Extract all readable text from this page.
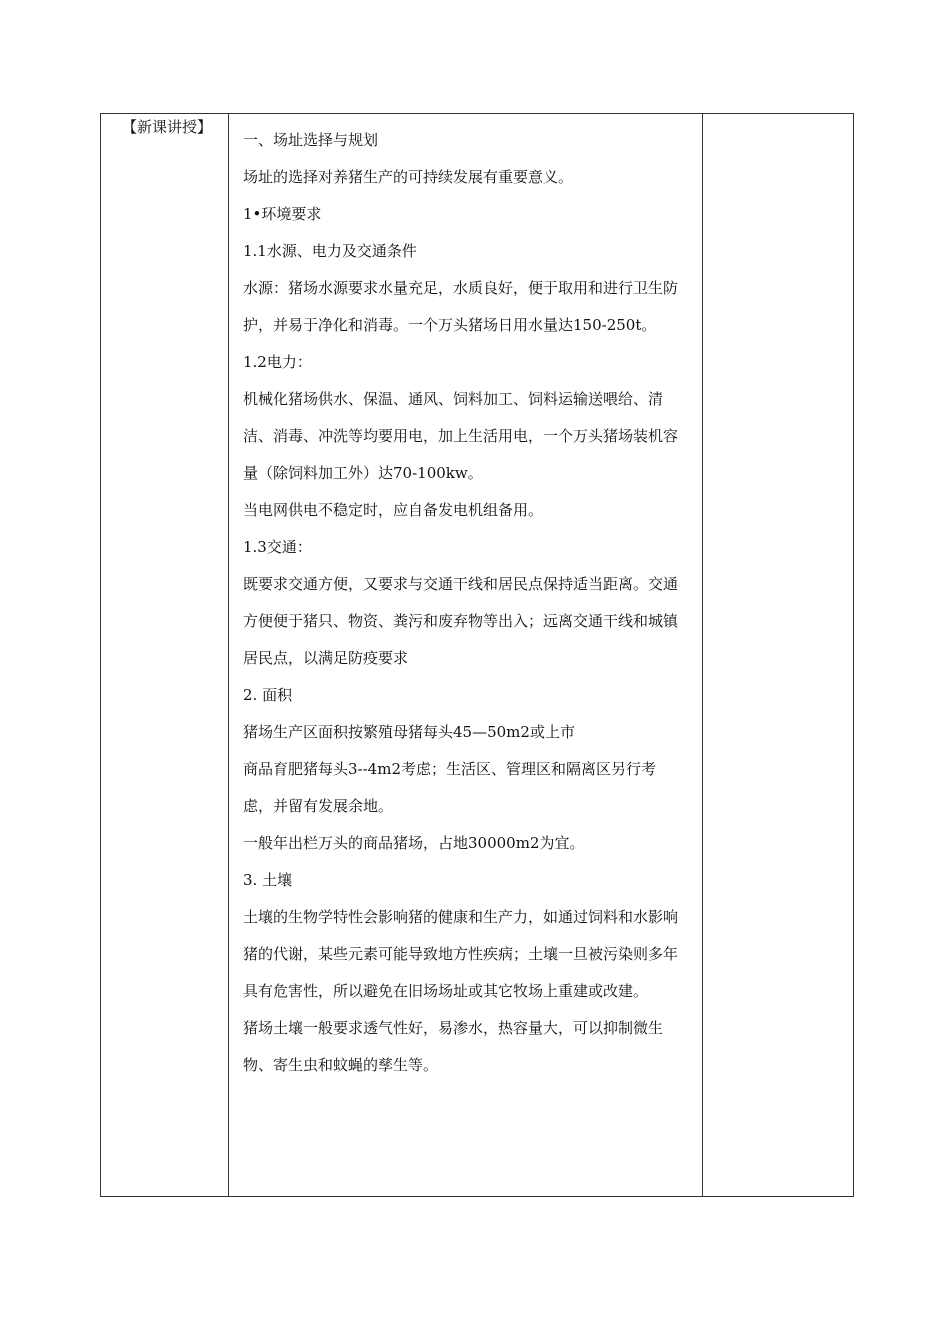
【新课讲授】

一、场址选择与规划

场址的选择对养猪生产的可持续发展有重要意义。

1•环境要求

1.1水源、电力及交通条件

水源：猪场水源要求水量充足，水质良好，便于取用和进行卫生防护，并易于净化和消毒。一个万头猪场日用水量达150-250t。

1.2电力：

机械化猪场供水、保温、通风、饲料加工、饲料运输送喂给、清洁、消毒、冲洗等均要用电，加上生活用电，一个万头猪场装机容量（除饲料加工外）达70-100kw。

当电网供电不稳定时，应自备发电机组备用。

1.3交通：

既要求交通方便，又要求与交通干线和居民点保持适当距离。交通方便便于猪只、物资、粪污和废弃物等出入；远离交通干线和城镇居民点，以满足防疫要求

2. 面积

猪场生产区面积按繁殖母猪每头45—50m2或上市

商品育肥猪每头3--4m2考虑；生活区、管理区和隔离区另行考

虑，并留有发展余地。

一般年出栏万头的商品猪场，占地30000m2为宜。

3. 土壤

土壤的生物学特性会影响猪的健康和生产力，如通过饲料和水影响猪的代谢，某些元素可能导致地方性疾病；土壤一旦被污染则多年具有危害性，所以避免在旧场场址或其它牧场上重建或改建。

猪场土壤一般要求透气性好，易渗水，热容量大，可以抑制微生物、寄生虫和蚊蝇的孳生等。
